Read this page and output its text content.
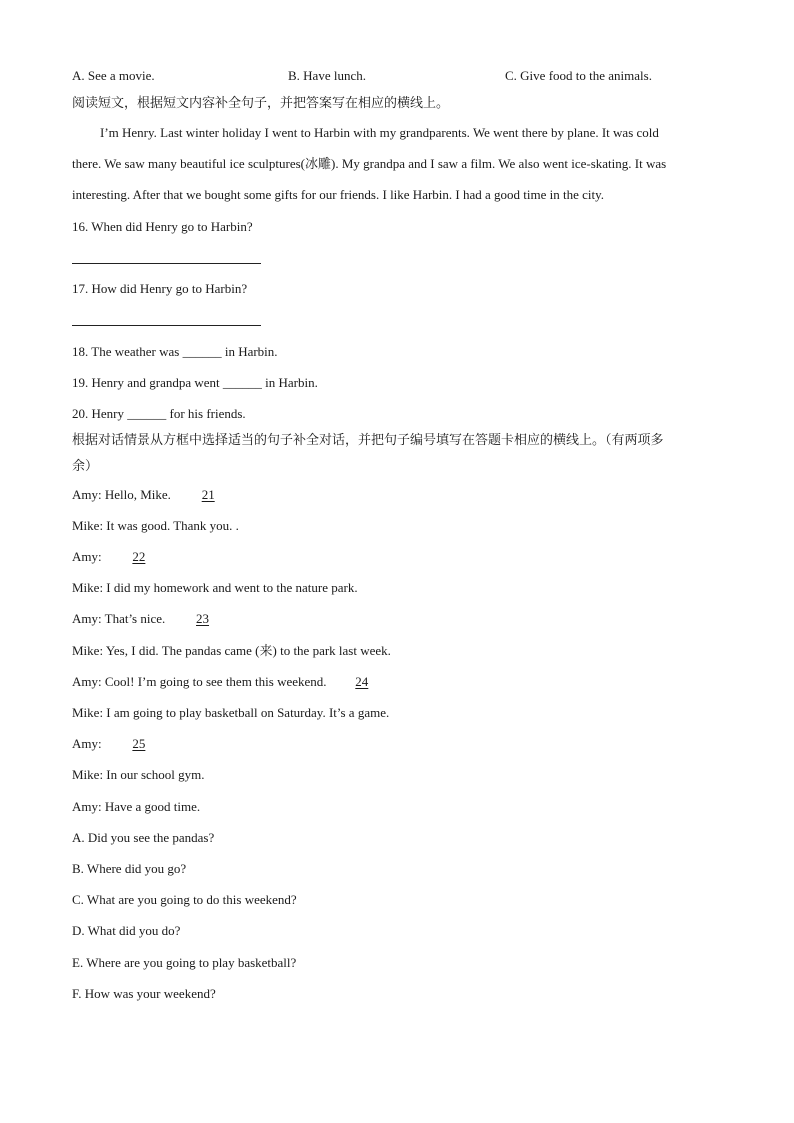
A. See a movie.	B. Have lunch.	C. Give food to the animals.
阅读短文，根据短文内容补全句子，并把答案写在相应的横线上。
I’m Henry. Last winter holiday I went to Harbin with my grandparents. We went there by plane. It was cold
there. We saw many beautiful ice sculptures(冰雕). My grandpa and I saw a film. We also went ice-skating. It was
interesting. After that we bought some gifts for our friends. I like Harbin. I had a good time in the city.
16. When did Henry go to Harbin?
17. How did Henry go to Harbin?
18. The weather was ______ in Harbin.
19. Henry and grandpa went ______ in Harbin.
20. Henry ______ for his friends.
根据对话情景从方框中选择适当的句子补全对话，并把句子编号填写在答题卡相应的横线上。（有两项多
余）
Amy: Hello, Mike. 21
Mike: It was good. Thank you. .
Amy: 22
Mike: I did my homework and went to the nature park.
Amy: That’s nice. 23
Mike: Yes, I did. The pandas came (来) to the park last week.
Amy: Cool! I’m going to see them this weekend. 24
Mike: I am going to play basketball on Saturday. It’s a game.
Amy: 25
Mike: In our school gym.
Amy: Have a good time.
A. Did you see the pandas?
B. Where did you go?
C. What are you going to do this weekend?
D. What did you do?
E. Where are you going to play basketball?
F. How was your weekend?
